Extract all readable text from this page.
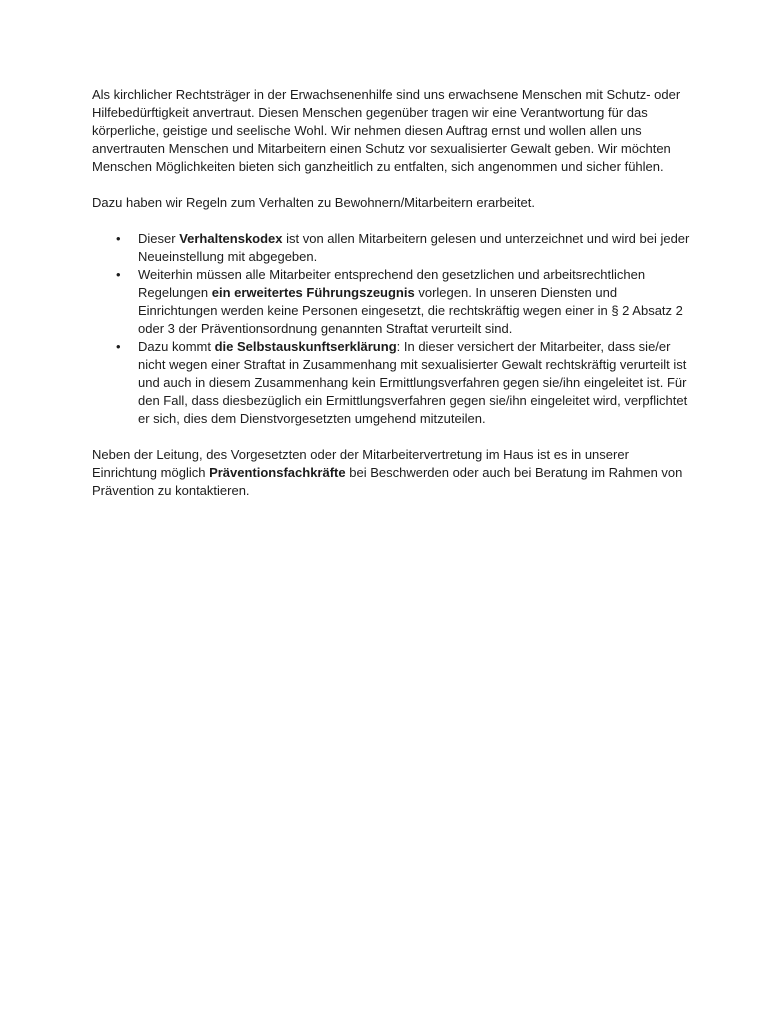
Als kirchlicher Rechtsträger in der Erwachsenenhilfe sind uns erwachsene Menschen mit Schutz- oder Hilfebedürftigkeit anvertraut. Diesen Menschen gegenüber tragen wir eine Verantwortung für das körperliche, geistige und seelische Wohl. Wir nehmen diesen Auftrag ernst und wollen allen uns anvertrauten Menschen und Mitarbeitern einen Schutz vor sexualisierter Gewalt geben. Wir möchten Menschen Möglichkeiten bieten sich ganzheitlich zu entfalten, sich angenommen und sicher fühlen.

Dazu haben wir Regeln zum Verhalten zu Bewohnern/Mitarbeitern erarbeitet.

• Dieser Verhaltenskodex ist von allen Mitarbeitern gelesen und unterzeichnet und wird bei jeder Neueinstellung mit abgegeben.
• Weiterhin müssen alle Mitarbeiter entsprechend den gesetzlichen und arbeitsrechtlichen Regelungen ein erweitertes Führungszeugnis vorlegen. In unseren Diensten und Einrichtungen werden keine Personen eingesetzt, die rechtskräftig wegen einer in § 2 Absatz 2 oder 3 der Präventionsordnung genannten Straftat verurteilt sind.
• Dazu kommt die Selbstauskunftserklärung: In dieser versichert der Mitarbeiter, dass sie/er nicht wegen einer Straftat in Zusammenhang mit sexualisierter Gewalt rechtskräftig verurteilt ist und auch in diesem Zusammenhang kein Ermittlungsverfahren gegen sie/ihn eingeleitet ist. Für den Fall, dass diesbezüglich ein Ermittlungsverfahren gegen sie/ihn eingeleitet wird, verpflichtet er sich, dies dem Dienstvorgesetzten umgehend mitzuteilen.

Neben der Leitung, des Vorgesetzten oder der Mitarbeitervertretung im Haus ist es in unserer Einrichtung möglich Präventionsfachkräfte bei Beschwerden oder auch bei Beratung im Rahmen von Prävention zu kontaktieren.
